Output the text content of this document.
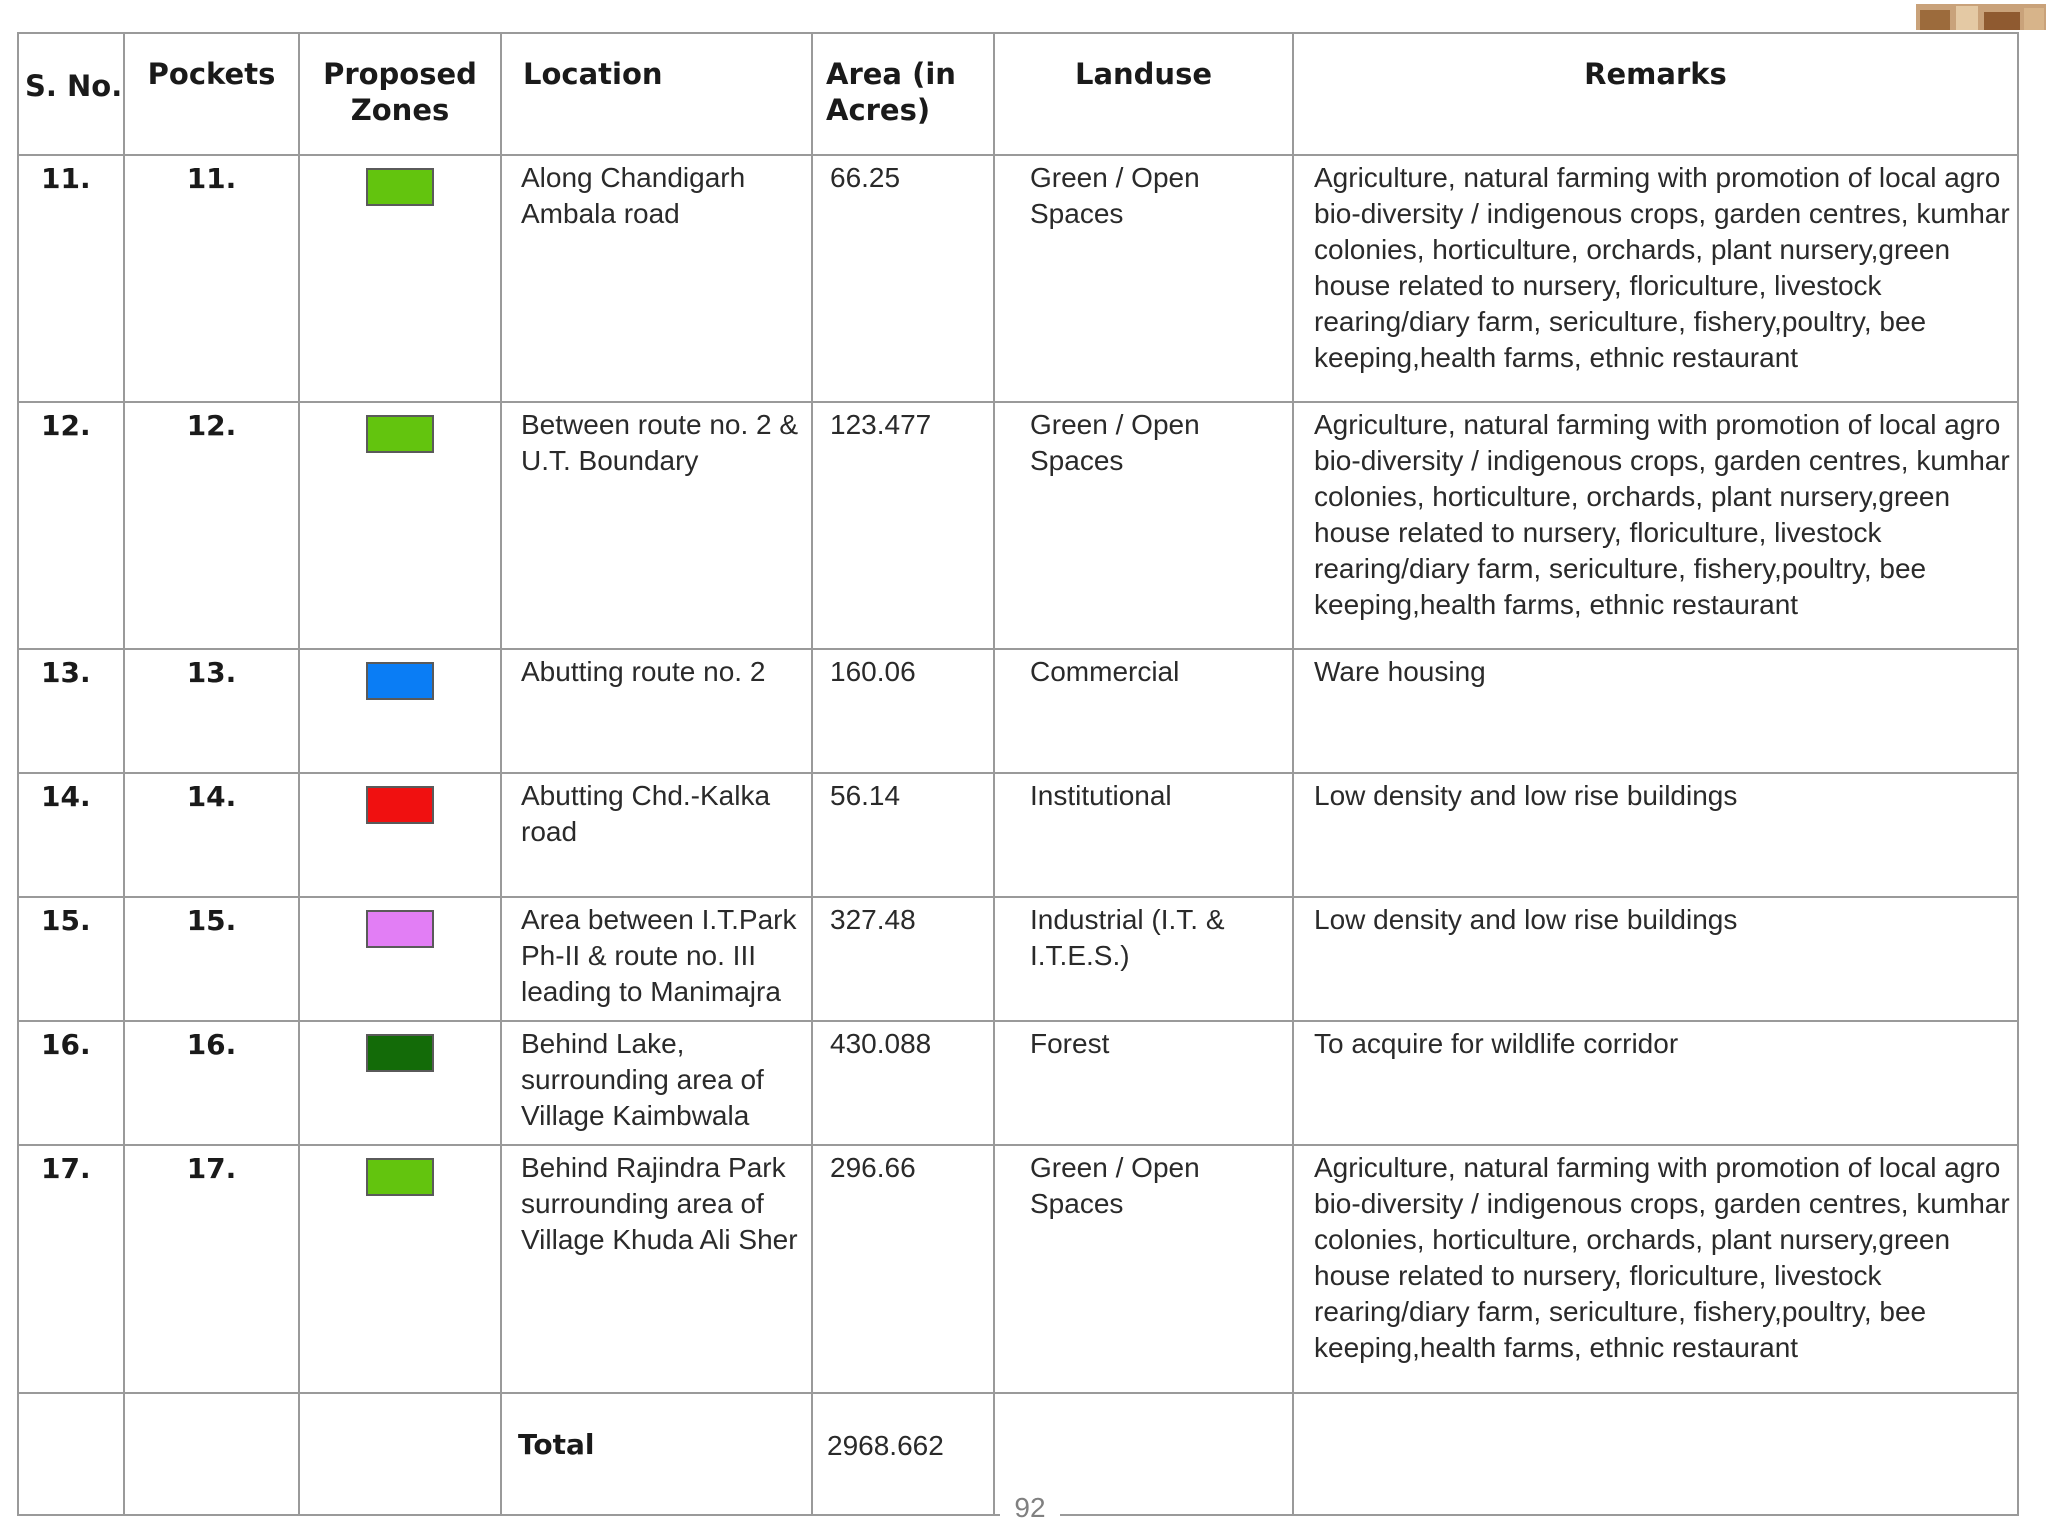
S. No.	Pockets	Proposed Zones	Location	Area (in Acres)	Landuse	Remarks
11.	11.		Along Chandigarh Ambala road	66.25	Green / Open Spaces	Agriculture, natural farming with promotion of local agro bio-diversity / indigenous crops, garden centres, kumhar colonies, horticulture, orchards, plant nursery,green house related to nursery, floriculture, livestock rearing/diary farm, sericulture, fishery,poultry, bee keeping,health farms, ethnic restaurant
12.	12.		Between route no. 2 & U.T. Boundary	123.477	Green / Open Spaces	Agriculture, natural farming with promotion of local agro bio-diversity / indigenous crops, garden centres, kumhar colonies, horticulture, orchards, plant nursery,green house related to nursery, floriculture, livestock rearing/diary farm, sericulture, fishery,poultry, bee keeping,health farms, ethnic restaurant
13.	13.		Abutting route no. 2	160.06	Commercial	Ware housing
14.	14.		Abutting Chd.-Kalka road	56.14	Institutional	Low density and low rise buildings
15.	15.		Area between I.T.Park Ph-II & route no. III leading to Manimajra	327.48	Industrial (I.T. & I.T.E.S.)	Low density and low rise buildings
16.	16.		Behind Lake, surrounding area of Village Kaimbwala	430.088	Forest	To acquire for wildlife corridor
17.	17.		Behind Rajindra Park surrounding area of Village Khuda Ali Sher	296.66	Green / Open Spaces	Agriculture, natural farming with promotion of local agro bio-diversity / indigenous crops, garden centres, kumhar colonies, horticulture, orchards, plant nursery,green house related to nursery, floriculture, livestock rearing/diary farm, sericulture, fishery,poultry, bee keeping,health farms, ethnic restaurant
			Total	2968.662		
92
